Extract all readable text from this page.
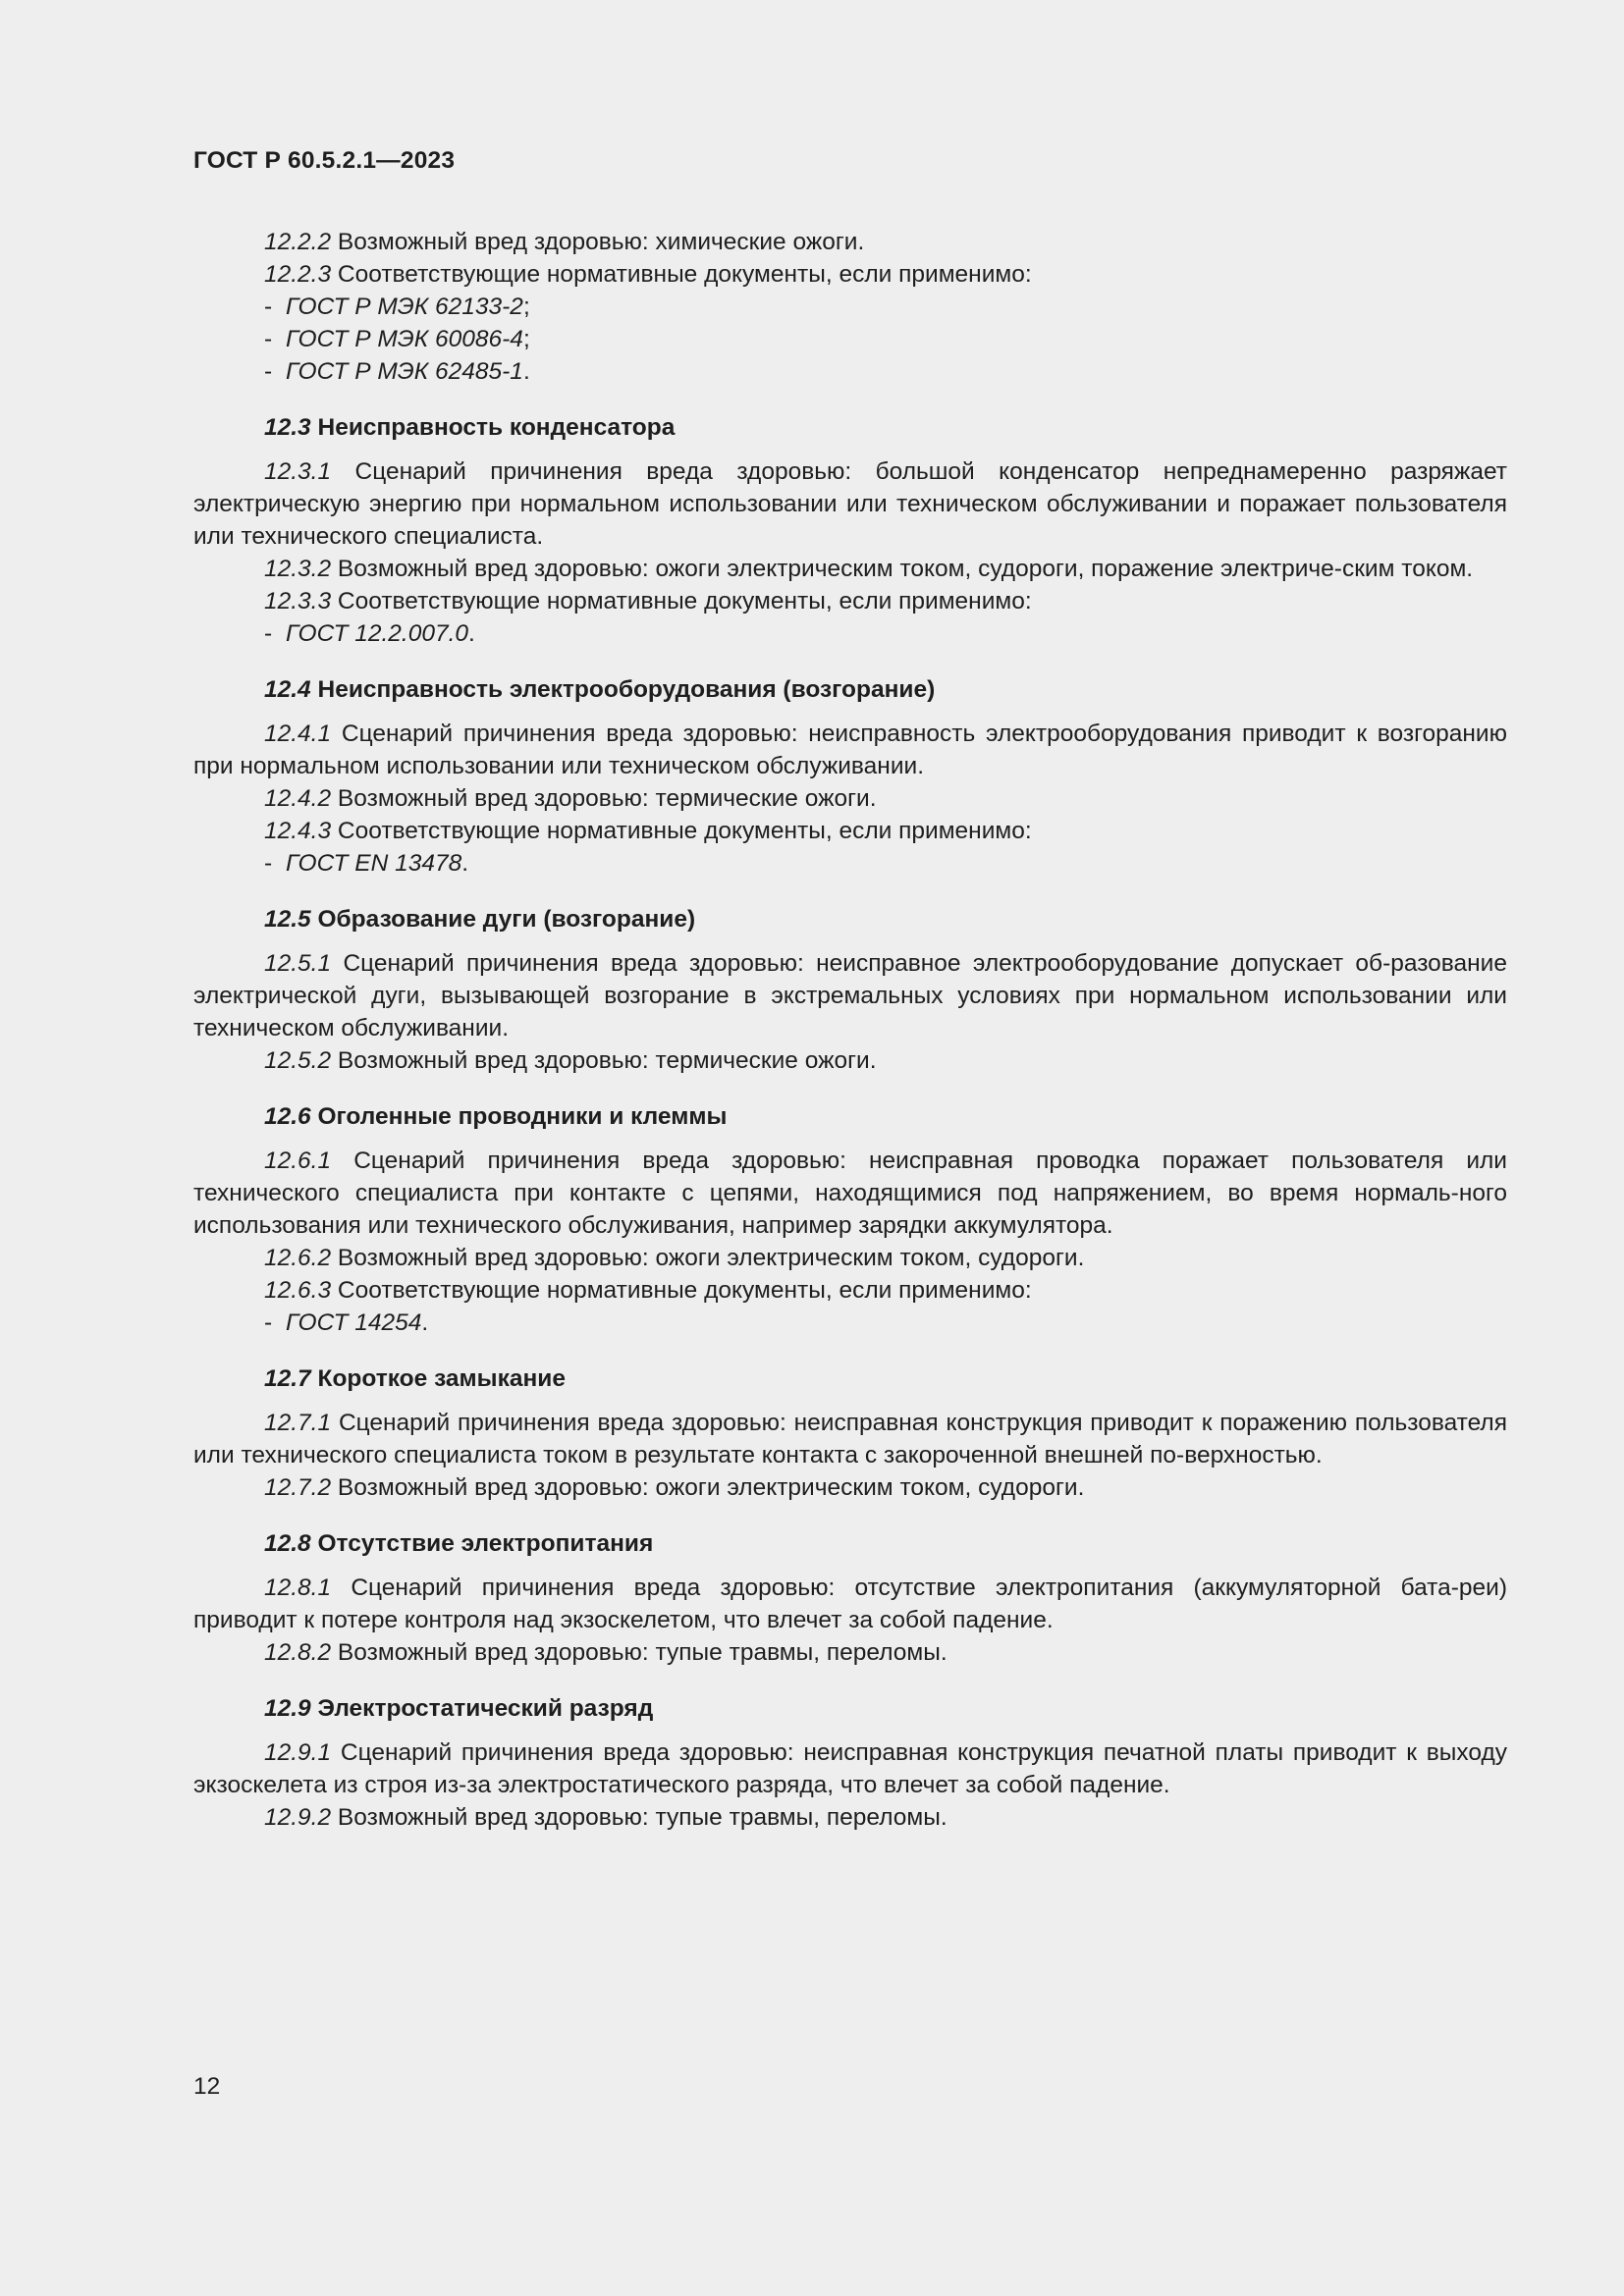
ГОСТ Р 60.5.2.1—2023

12.2.2 Возможный вред здоровью: химические ожоги.

12.2.3 Соответствующие нормативные документы, если применимо:

- ГОСТ Р МЭК 62133-2;

- ГОСТ Р МЭК 60086-4;

- ГОСТ Р МЭК 62485-1.

12.3 Неисправность конденсатора

12.3.1 Сценарий причинения вреда здоровью: большой конденсатор непреднамеренно разряжает электрическую энергию при нормальном использовании или техническом обслуживании и поражает пользователя или технического специалиста.

12.3.2 Возможный вред здоровью: ожоги электрическим током, судороги, поражение электриче-ским током.

12.3.3 Соответствующие нормативные документы, если применимо:

- ГОСТ 12.2.007.0.

12.4 Неисправность электрооборудования (возгорание)

12.4.1 Сценарий причинения вреда здоровью: неисправность электрооборудования приводит к возгоранию при нормальном использовании или техническом обслуживании.

12.4.2 Возможный вред здоровью: термические ожоги.

12.4.3 Соответствующие нормативные документы, если применимо:

- ГОСТ EN 13478.

12.5 Образование дуги (возгорание)

12.5.1 Сценарий причинения вреда здоровью: неисправное электрооборудование допускает об-разование электрической дуги, вызывающей возгорание в экстремальных условиях при нормальном использовании или техническом обслуживании.

12.5.2 Возможный вред здоровью: термические ожоги.

12.6 Оголенные проводники и клеммы

12.6.1 Сценарий причинения вреда здоровью: неисправная проводка поражает пользователя или технического специалиста при контакте с цепями, находящимися под напряжением, во время нормаль-ного использования или технического обслуживания, например зарядки аккумулятора.

12.6.2 Возможный вред здоровью: ожоги электрическим током, судороги.

12.6.3 Соответствующие нормативные документы, если применимо:

- ГОСТ 14254.

12.7 Короткое замыкание

12.7.1 Сценарий причинения вреда здоровью: неисправная конструкция приводит к поражению пользователя или технического специалиста током в результате контакта с закороченной внешней по-верхностью.

12.7.2 Возможный вред здоровью: ожоги электрическим током, судороги.

12.8 Отсутствие электропитания

12.8.1 Сценарий причинения вреда здоровью: отсутствие электропитания (аккумуляторной бата-реи) приводит к потере контроля над экзоскелетом, что влечет за собой падение.

12.8.2 Возможный вред здоровью: тупые травмы, переломы.

12.9 Электростатический разряд

12.9.1 Сценарий причинения вреда здоровью: неисправная конструкция печатной платы приводит к выходу экзоскелета из строя из-за электростатического разряда, что влечет за собой падение.

12.9.2 Возможный вред здоровью: тупые травмы, переломы.

12
